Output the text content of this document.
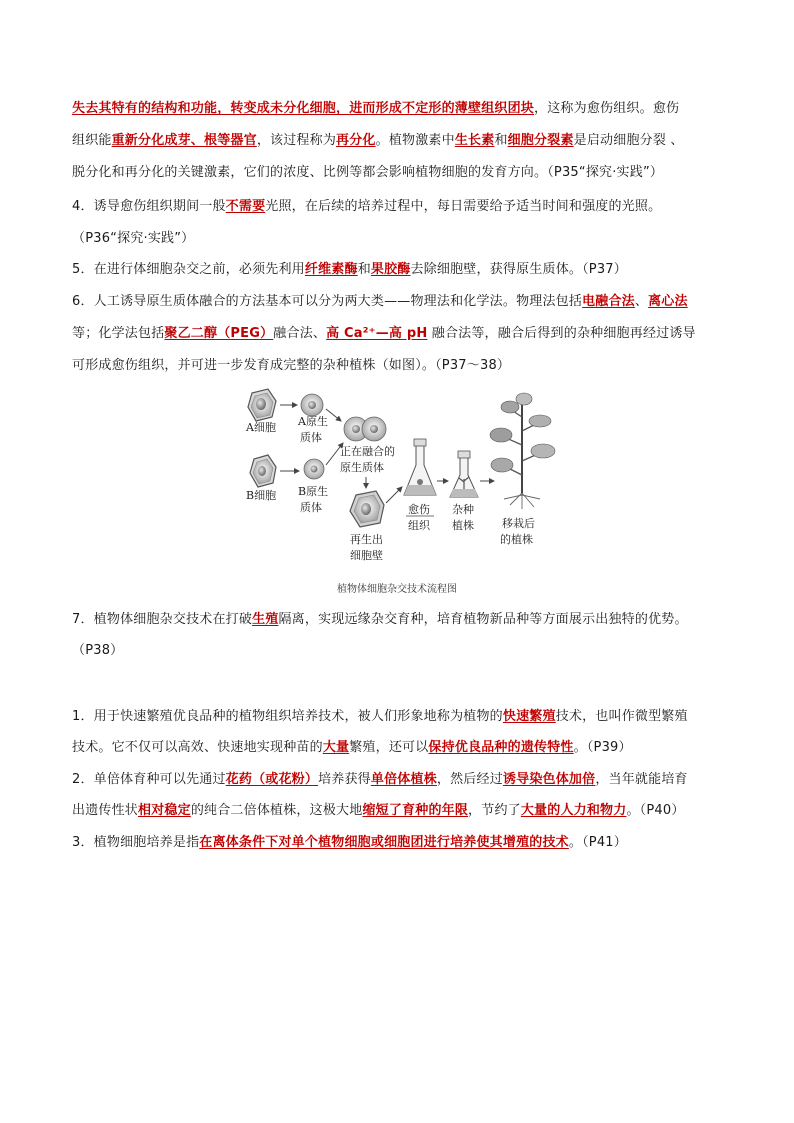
失去其特有的结构和功能，转变成未分化细胞，进而形成不定形的薄壁组织团块，这称为愈伤组织。愈伤
组织能重新分化成芽、根等器官，该过程称为再分化。植物激素中生长素和细胞分裂素是启动细胞分裂 、
脱分化和再分化的关键激素，它们的浓度、比例等都会影响植物细胞的发育方向。（P35“探究·实践”）
4．诱导愈伤组织期间一般不需要光照，在后续的培养过程中，每日需要给予适当时间和强度的光照。
（P36“探究·实践”）
5．在进行体细胞杂交之前，必须先利用纤维素酶和果胶酶去除细胞壁，获得原生质体。（P37）
6．人工诱导原生质体融合的方法基本可以分为两大类——物理法和化学法。物理法包括电融合法、离心法
等；化学法包括聚乙二醇（PEG）融合法、高 Ca²⁺—高 pH 融合法等，融合后得到的杂种细胞再经过诱导
可形成愈伤组织，并可进一步发育成完整的杂种植株（如图）。（P37～38）
A细胞 A原生
质体
正在融合的
原生质体
B细胞 B原生
质体
再生出
细胞壁
愈伤
组织
杂种
植株	移栽后
的植株
植物体细胞杂交技术流程图
7．植物体细胞杂交技术在打破生殖隔离，实现远缘杂交育种，培育植物新品种等方面展示出独特的优势。
（P38）
1．用于快速繁殖优良品种的植物组织培养技术，被人们形象地称为植物的快速繁殖技术，也叫作微型繁殖
技术。它不仅可以高效、快速地实现种苗的大量繁殖，还可以保持优良品种的遗传特性。（P39）
2．单倍体育种可以先通过花药（或花粉）培养获得单倍体植株，然后经过诱导染色体加倍，当年就能培育
出遗传性状相对稳定的纯合二倍体植株，这极大地缩短了育种的年限，节约了大量的人力和物力。（P40）
3．植物细胞培养是指在离体条件下对单个植物细胞或细胞团进行培养使其增殖的技术。（P41）
